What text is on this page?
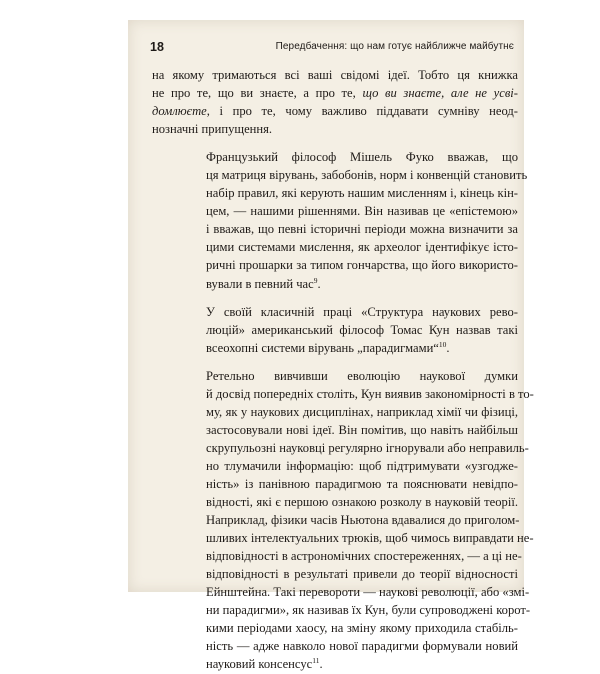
18	Передбачення: що нам готує найближче майбутнє

на якому тримаються всі ваші свідомі ідеї. Тобто ця книжка
не про те, що ви знаєте, а про те, що ви знаєте, але не усві-
домлюєте, і про те, чому важливо піддавати сумніву неод-
нозначні припущення.

Французький філософ Мішель Фуко вважав, що
ця матриця вірувань, забобонів, норм і конвенцій становить
набір правил, які керують нашим мисленням і, кінець кін-
цем, — нашими рішеннями. Він називав це «епістемою»
і вважав, що певні історичні періоди можна визначити за
цими системами мислення, як археолог ідентифікує істо-
ричні прошарки за типом гончарства, що його використо-
вували в певний час$^9$.

У своїй класичній праці «Структура наукових рево-
люцій» американський філософ Томас Кун назвав такі
всеохопні системи вірувань „парадигмами“$^{10}$.

Ретельно вивчивши еволюцію наукової думки
й досвід попередніх століть, Кун виявив закономірності в то-
му, як у наукових дисциплінах, наприклад хімії чи фізиці,
застосовували нові ідеї. Він помітив, що навіть найбільш
скрупульозні науковці регулярно ігнорували або неправиль-
но тлумачили інформацію: щоб підтримувати «узгодже-
ність» із панівною парадигмою та пояснювати невідпо-
відності, які є першою ознакою розколу в науковій теорії.
Наприклад, фізики часів Ньютона вдавалися до приголом-
шливих інтелектуальних трюків, щоб чимось виправдати не-
відповідності в астрономічних спостереженнях, — а ці не-
відповідності в результаті привели до теорії відносності
Ейнштейна. Такі перевороти — наукові революції, або «змі-
ни парадигми», як називав їх Кун, були супроводжені корот-
кими періодами хаосу, на зміну якому приходила стабіль-
ність — адже навколо нової парадигми формували новий
науковий консенсус$^{11}$.
